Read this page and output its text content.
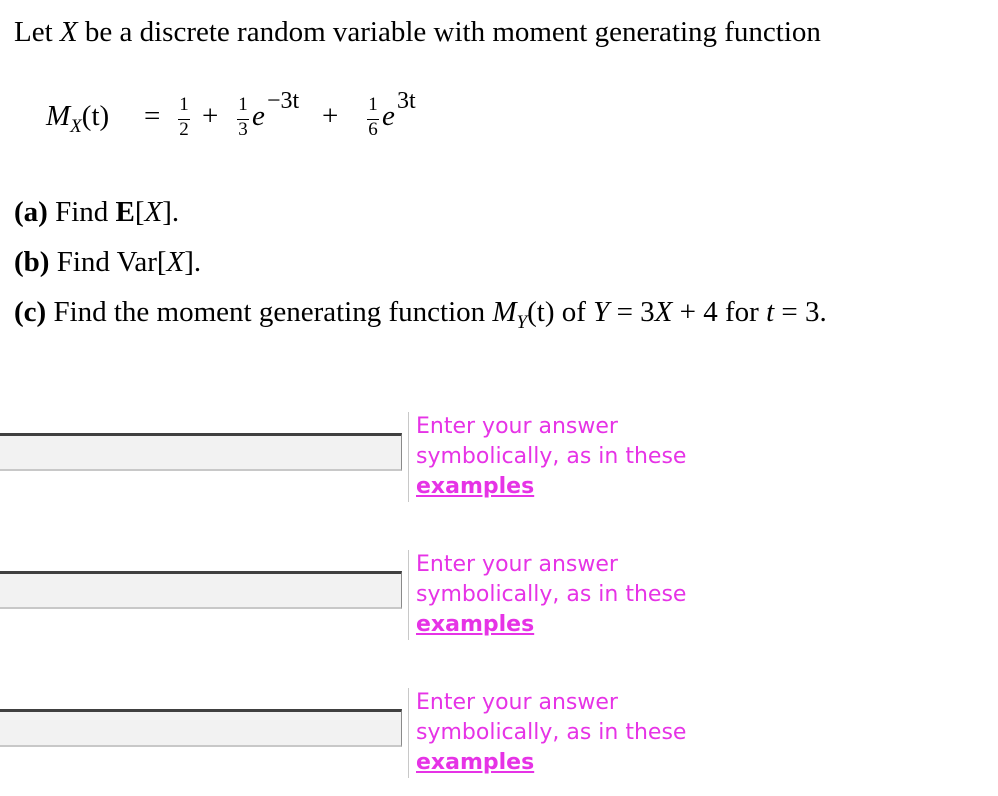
Let X be a discrete random variable with moment generating function
$M_X(t) = 1$
2 + 1
3 e −3t + 1
6 e 3t
(a) Find E[X].
(b) Find Var[X].
(c) Find the moment generating function $M_Y(t)$ of Y = 3X + 4 for t = 3.
Enter your answer
symbolically, as in these
examples
Enter your answer
symbolically, as in these
examples
Enter your answer
symbolically, as in these
examples
